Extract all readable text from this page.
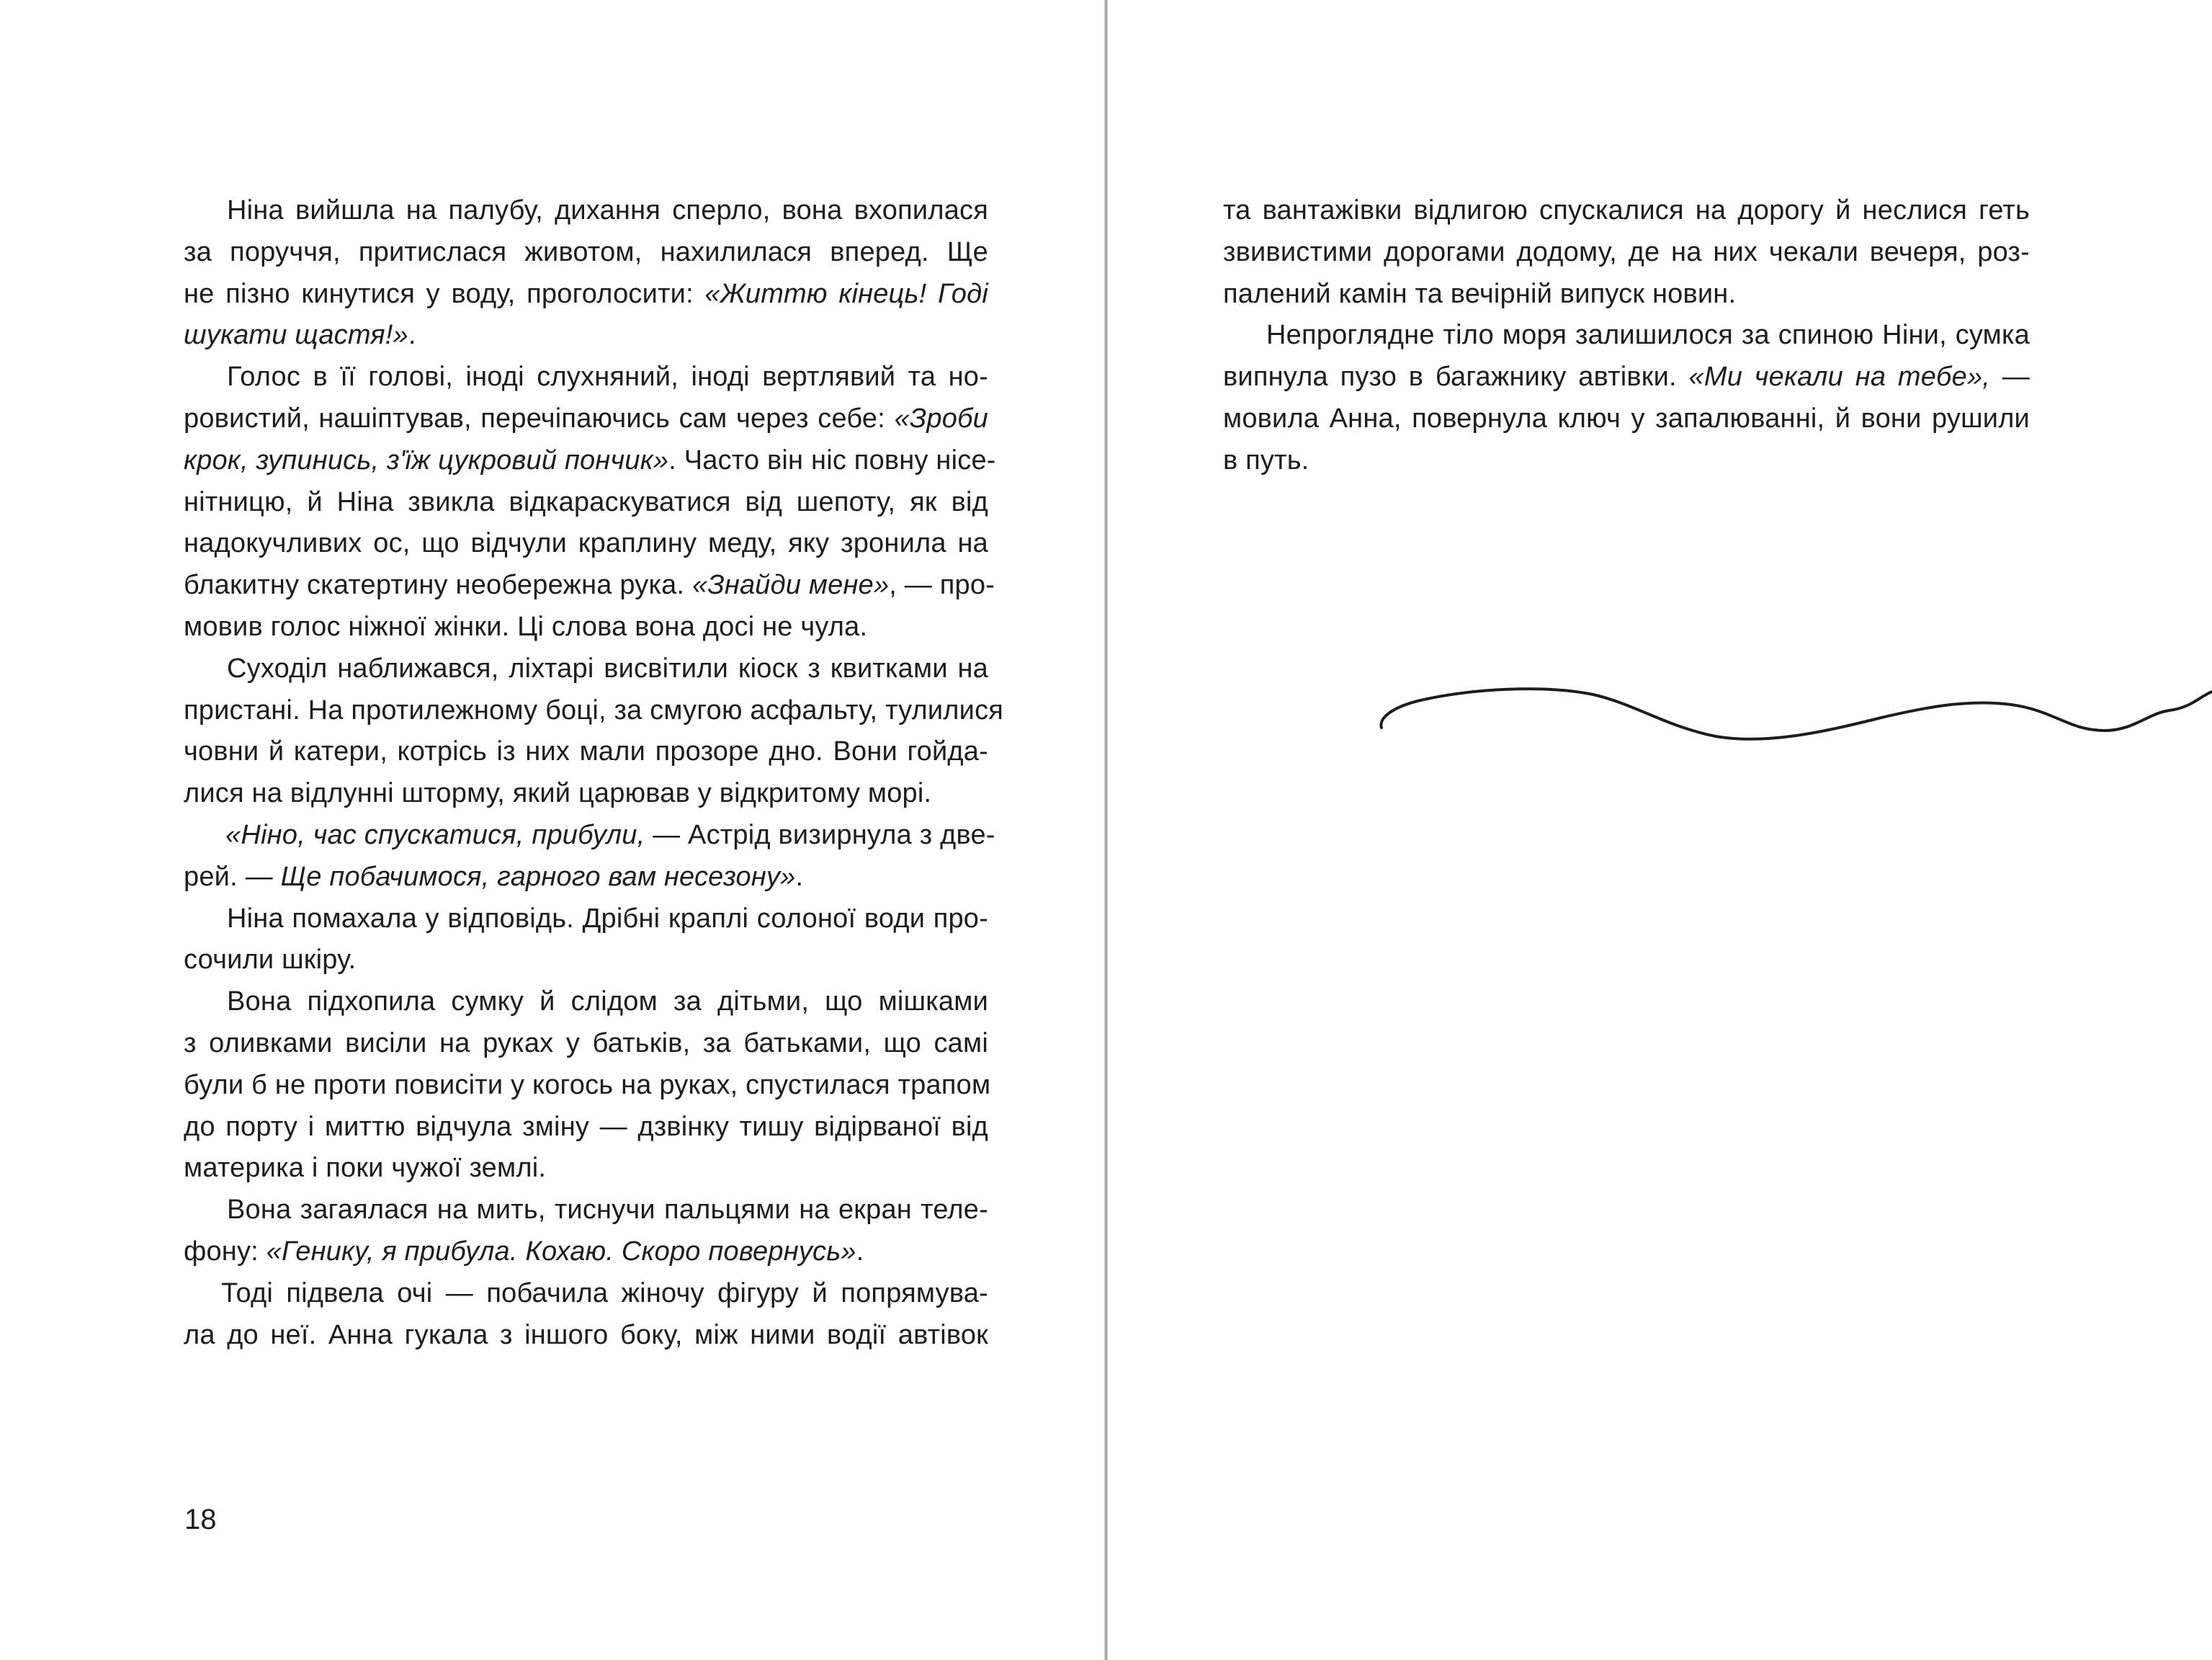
Ніна вийшла на палубу, дихання сперло, вона вхопилася
за поруччя, притислася животом, нахилилася вперед. Ще
не пізно кинутися у воду, проголосити: «Життю кінець! Годі
шукати щастя!».
Голос в її голові, іноді слухняний, іноді вертлявий та но-
ровистий, нашіптував, перечіпаючись сам через себе: «Зроби
крок, зупинись, з'їж цукровий пончик». Часто він ніс повну нісе-
нітницю, й Ніна звикла відкараскуватися від шепоту, як від
надокучливих ос, що відчули краплину меду, яку зронила на
блакитну скатертину необережна рука. «Знайди мене», — про-
мовив голос ніжної жінки. Ці слова вона досі не чула.
Суходіл наближався, ліхтарі висвітили кіоск з квитками на
пристані. На протилежному боці, за смугою асфальту, тулилися
човни й катери, котрісь із них мали прозоре дно. Вони гойда-
лися на відлунні шторму, який царював у відкритому морі.
«Ніно, час спускатися, прибули, — Астрід визирнула з две-
рей. — Ще побачимося, гарного вам несезону».
Ніна помахала у відповідь. Дрібні краплі солоної води про-
сочили шкіру.
Вона підхопила сумку й слідом за дітьми, що мішками
з оливками висіли на руках у батьків, за батьками, що самі
були б не проти повисіти у когось на руках, спустилася трапом
до порту і миттю відчула зміну — дзвінку тишу відірваної від
материка і поки чужої землі.
Вона загаялася на мить, тиснучи пальцями на екран теле-
фону: «Генику, я прибула. Кохаю. Скоро повернусь».
Тоді підвела очі — побачила жіночу фігуру й попрямува-
ла до неї. Анна гукала з іншого боку, між ними водії автівок
18
та вантажівки відлигою спускалися на дорогу й неслися геть
звивистими дорогами додому, де на них чекали вечеря, роз-
палений камін та вечірній випуск новин.
Непроглядне тіло моря залишилося за спиною Ніни, сумка
випнула пузо в багажнику автівки. «Ми чекали на тебе», —
мовила Анна, повернула ключ у запалюванні, й вони рушили
в путь.
